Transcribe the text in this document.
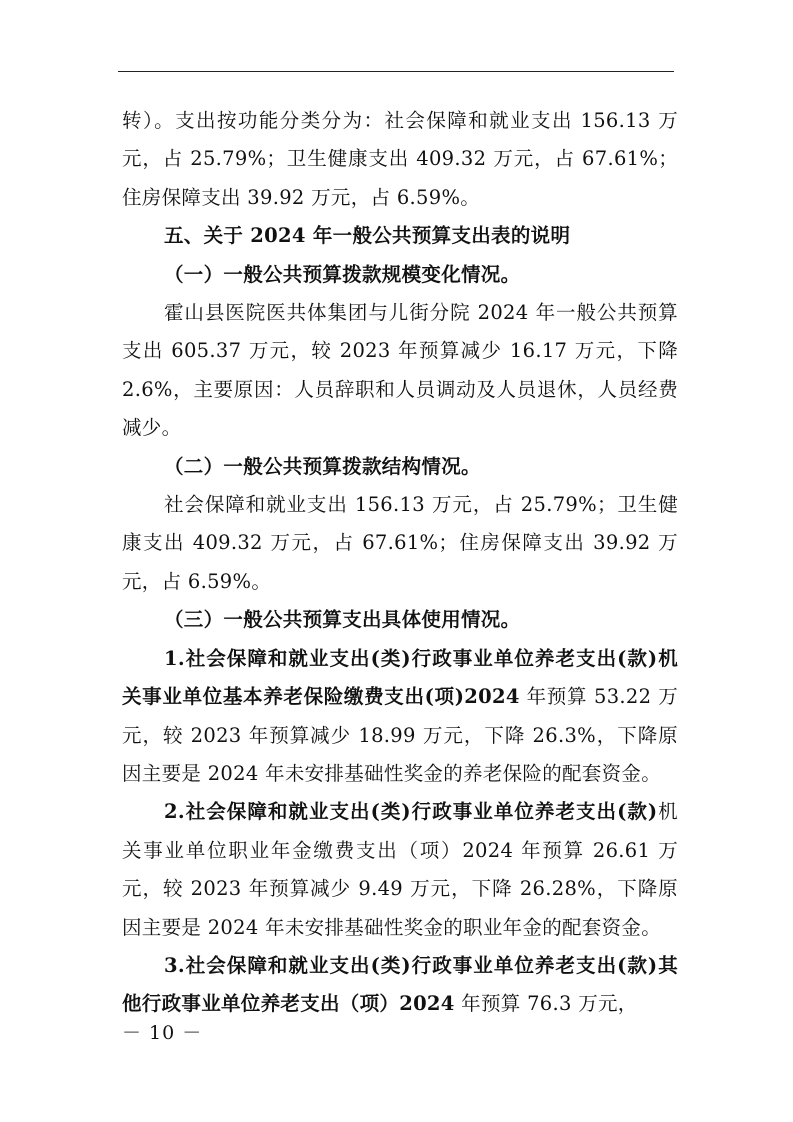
转）。支出按功能分类分为：社会保障和就业支出 156.13 万元，占 25.79%；卫生健康支出 409.32 万元，占 67.61%；住房保障支出 39.92 万元，占 6.59%。

五、关于 2024 年一般公共预算支出表的说明

（一）一般公共预算拨款规模变化情况。

霍山县医院医共体集团与儿街分院 2024 年一般公共预算支出 605.37 万元，较 2023 年预算减少 16.17 万元，下降 2.6%，主要原因：人员辞职和人员调动及人员退休，人员经费减少。

（二）一般公共预算拨款结构情况。

社会保障和就业支出 156.13 万元，占 25.79%；卫生健康支出 409.32 万元，占 67.61%；住房保障支出 39.92 万元，占 6.59%。

（三）一般公共预算支出具体使用情况。

1.社会保障和就业支出(类)行政事业单位养老支出(款)机关事业单位基本养老保险缴费支出(项)2024 年预算 53.22 万元，较 2023 年预算减少 18.99 万元，下降 26.3%，下降原因主要是 2024 年未安排基础性奖金的养老保险的配套资金。

2.社会保障和就业支出(类)行政事业单位养老支出(款)机关事业单位职业年金缴费支出（项）2024 年预算 26.61 万元，较 2023 年预算减少 9.49 万元，下降 26.28%，下降原因主要是 2024 年未安排基础性奖金的职业年金的配套资金。

3.社会保障和就业支出(类)行政事业单位养老支出(款)其他行政事业单位养老支出（项）2024 年预算 76.3 万元，

－ 10 －
